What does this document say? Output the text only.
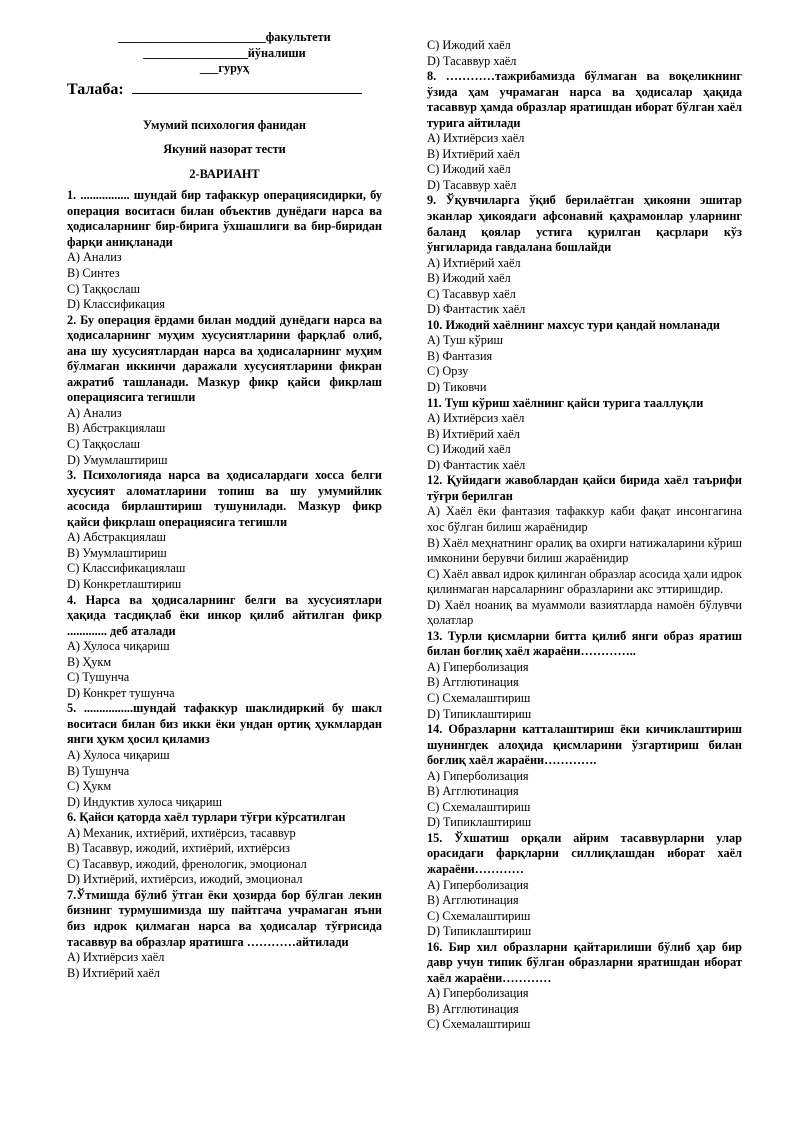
________________________факультети
_________________йўналиши
___гуруҳ
Талаба:
Умумий психология фанидан
Якуний назорат тести
2-ВАРИАНТ
1. ................ шундай бир тафаккур операциясидирки, бу операция воситаси билан объектив дунёдаги нарса ва ҳодисаларнинг бир-бирига ўхшашлиги ва бир-биридан фарқи аниқланади
A) Анализ
B) Синтез
C) Таққослаш
D) Классификация
2. Бу операция ёрдами билан моддий дунёдаги нарса ва ҳодисаларнинг муҳим хусусиятларини фарқлаб олиб, ана шу хусусиятлардан нарса ва ҳодисаларнинг муҳим бўлмаган иккинчи даражали хусусиятларини фикран ажратиб ташланади. Мазкур фикр қайси фикрлаш операциясига тегишли
A) Анализ
B) Абстракциялаш
C) Таққослаш
D) Умумлаштириш
3. Психологияда нарса ва ҳодисалардаги хосса белги хусусият аломатларини топиш ва шу умумийлик асосида бирлаштириш тушунилади. Мазкур фикр қайси фикрлаш операциясига тегишли
A) Абстракциялаш
B) Умумлаштириш
C) Классификациялаш
D) Конкретлаштириш
4. Нарса ва ҳодисаларнинг белги ва хусусиятлари ҳақида тасдиқлаб ёки инкор қилиб айтилган фикр ............. деб аталади
A) Хулоса чиқариш
B) Ҳукм
C) Тушунча
D) Конкрет тушунча
5. ................шундай тафаккур шаклидиркий бу шакл воситаси билан биз икки ёки ундан ортиқ ҳукмлардан янги ҳукм ҳосил қиламиз
A) Хулоса чиқариш
B) Тушунча
C) Ҳукм
D) Индуктив хулоса чиқариш
6. Қайси қаторда хаёл турлари тўғри кўрсатилган
A) Механик, ихтиёрий, ихтиёрсиз, тасаввур
B) Тасаввур, ижодий, ихтиёрий, ихтиёрсиз
C) Тасаввур, ижодий, френологик, эмоционал
D) Ихтиёрий, ихтиёрсиз, ижодий, эмоционал
7.Ўтмишда бўлиб ўтган ёки ҳозирда бор бўлган лекин бизнинг турмушимизда шу пайтгача учрамаган яъни биз идрок қилмаган нарса ва ҳодисалар тўғрисида тасаввур ва образлар яратишга …………айтилади
A) Ихтиёрсиз хаёл
B) Ихтиёрий хаёл
C) Ижодий хаёл
D) Тасаввур хаёл
8. …………тажрибамизда бўлмаган ва воқеликнинг ўзида ҳам учрамаган нарса ва ҳодисалар ҳақида тасаввур ҳамда образлар яратишдан иборат бўлган хаёл турига айтилади
A) Ихтиёрсиз хаёл
B) Ихтиёрий хаёл
C) Ижодий хаёл
D) Тасаввур хаёл
9. Ўқувчиларга ўқиб берилаётган ҳикояни эшитар эканлар ҳикоядаги афсонавий қаҳрамонлар уларнинг баланд қоялар устига қурилган қасрлари кўз ўнгиларида гавдалана бошлайди
A) Ихтиёрий хаёл
B) Ижодий хаёл
C) Тасаввур хаёл
D) Фантастик хаёл
10. Ижодий хаёлнинг махсус тури қандай номланади
A) Туш кўриш
B) Фантазия
C) Орзу
D) Тиковчи
11. Туш кўриш хаёлнинг қайси турига тааллуқли
A) Ихтиёрсиз хаёл
B) Ихтиёрий хаёл
C) Ижодий хаёл
D) Фантастик хаёл
12. Қуйидаги жавоблардан қайси бирида хаёл таърифи тўғри берилган
A) Хаёл ёки фантазия тафаккур каби фақат инсонгагина хос бўлган билиш жараёнидир
B) Хаёл меҳнатнинг оралиқ ва охирги натижаларини кўриш имконини берувчи билиш жараёнидир
C) Хаёл аввал идрок қилинган образлар асосида ҳали идрок қилинмаган нарсаларнинг образларини акс эттиришдир.
D) Хаёл ноаниқ ва муаммоли вазиятларда намоён бўлувчи ҳолатлар
13. Турли қисмларни битта қилиб янги образ яратиш билан боғлиқ хаёл жараёни…………..
A) Гиперболизация
B) Агглютинация
C) Схемалаштириш
D) Типиклаштириш
14. Образларни катталаштириш ёки кичиклаштириш шунингдек алоҳида қисмларини ўзгартириш билан боғлиқ хаёл жараёни………….
A) Гиперболизация
B) Агглютинация
C) Схемалаштириш
D) Типиклаштириш
15. Ўхшатиш орқали айрим тасаввурларни улар орасидаги фарқларни силлиқлашдан иборат хаёл жараёни…………
A) Гиперболизация
B) Агглютинация
C) Схемалаштириш
D) Типиклаштириш
16. Бир хил образларни қайтарилиши бўлиб ҳар бир давр учун типик бўлган образларни яратишдан иборат хаёл жараёни…………
A) Гиперболизация
B) Агглютинация
C) Схемалаштириш
